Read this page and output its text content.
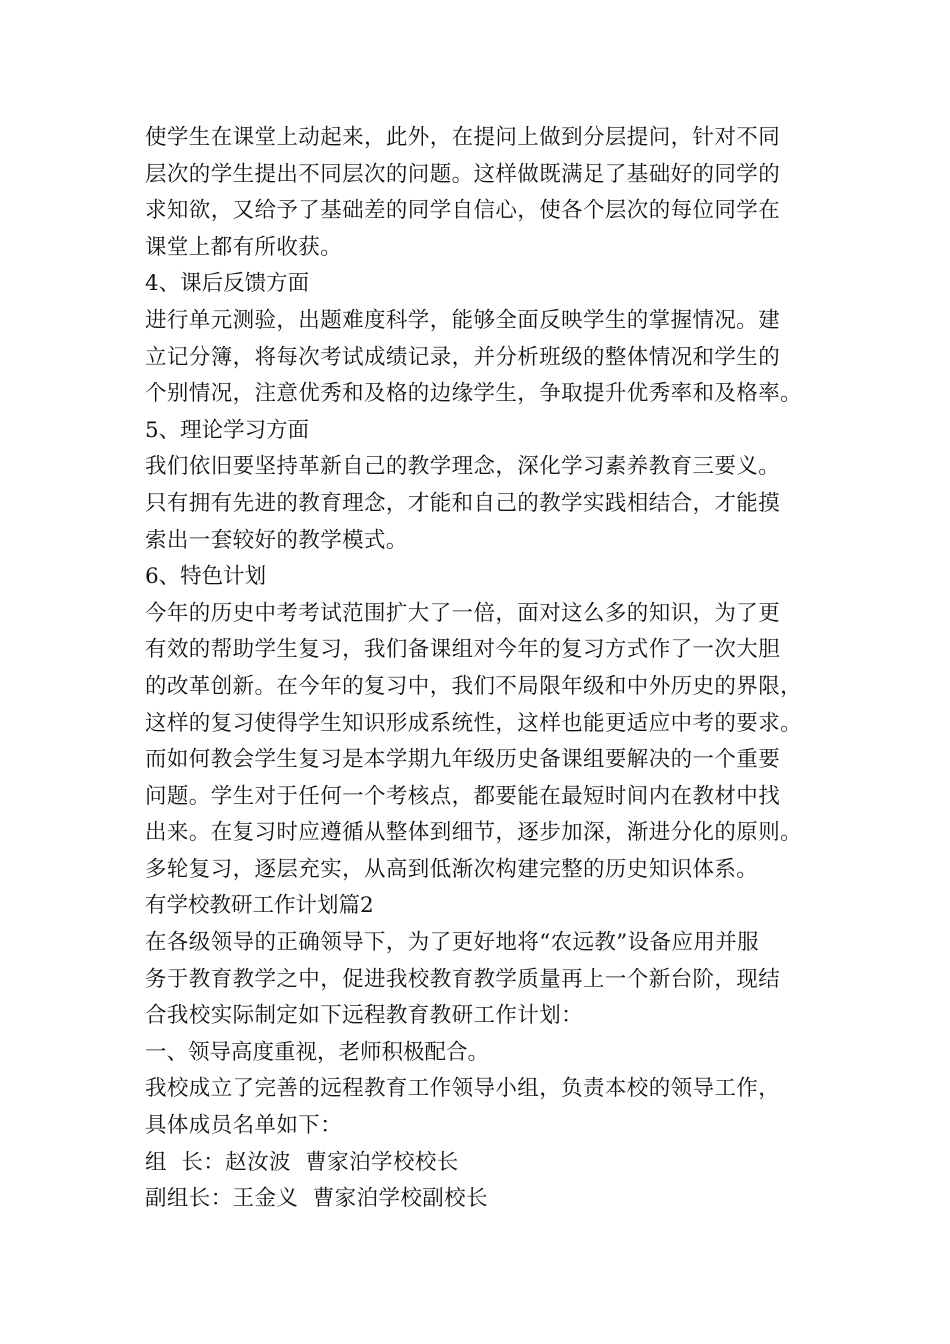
使学生在课堂上动起来，此外，在提问上做到分层提问，针对不同
层次的学生提出不同层次的问题。这样做既满足了基础好的同学的
求知欲，又给予了基础差的同学自信心，使各个层次的每位同学在
课堂上都有所收获。
4、课后反馈方面
进行单元测验，出题难度科学，能够全面反映学生的掌握情况。建
立记分簿，将每次考试成绩记录，并分析班级的整体情况和学生的
个别情况，注意优秀和及格的边缘学生，争取提升优秀率和及格率。
5、理论学习方面
我们依旧要坚持革新自己的教学理念，深化学习素养教育三要义。
只有拥有先进的教育理念，才能和自己的教学实践相结合，才能摸
索出一套较好的教学模式。
6、特色计划
今年的历史中考考试范围扩大了一倍，面对这么多的知识，为了更
有效的帮助学生复习，我们备课组对今年的复习方式作了一次大胆
的改革创新。在今年的复习中，我们不局限年级和中外历史的界限，
这样的复习使得学生知识形成系统性，这样也能更适应中考的要求。
而如何教会学生复习是本学期九年级历史备课组要解决的一个重要
问题。学生对于任何一个考核点，都要能在最短时间内在教材中找
出来。在复习时应遵循从整体到细节，逐步加深，渐进分化的原则。
多轮复习，逐层充实，从高到低渐次构建完整的历史知识体系。
有学校教研工作计划篇2
在各级领导的正确领导下，为了更好地将“农远教”设备应用并服
务于教育教学之中，促进我校教育教学质量再上一个新台阶，现结
合我校实际制定如下远程教育教研工作计划：
一、领导高度重视，老师积极配合。
我校成立了完善的远程教育工作领导小组，负责本校的领导工作，
具体成员名单如下：
组  长：赵汝波  曹家泊学校校长
副组长：王金义  曹家泊学校副校长
